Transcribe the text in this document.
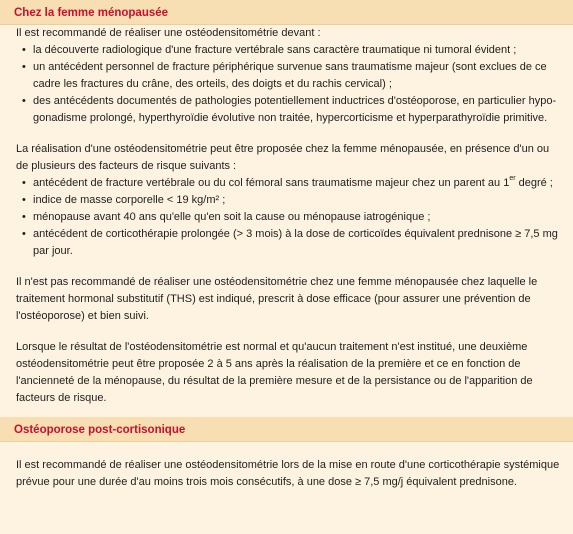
Chez la femme ménopausée

Il est recommandé de réaliser une ostéodensitométrie devant :

• la découverte radiologique d'une fracture vertébrale sans caractère traumatique ni tumoral évident ;
• un antécédent personnel de fracture périphérique survenue sans traumatisme majeur (sont exclues de ce cadre les fractures du crâne, des orteils, des doigts et du rachis cervical) ;
• des antécédents documentés de pathologies potentiellement inductrices d'ostéoporose, en particulier hypo-gonadisme prolongé, hyperthyroïdie évolutive non traitée, hypercorticisme et hyperparathyroïdie primitive.

La réalisation d'une ostéodensitométrie peut être proposée chez la femme ménopausée, en présence d'un ou de plusieurs des facteurs de risque suivants :

• antécédent de fracture vertébrale ou du col fémoral sans traumatisme majeur chez un parent au 1er degré ;
• indice de masse corporelle < 19 kg/m² ;
• ménopause avant 40 ans qu'elle qu'en soit la cause ou ménopause iatrogénique ;
• antécédent de corticothérapie prolongée (> 3 mois) à la dose de corticoïdes équivalent prednisone ≥ 7,5 mg par jour.

Il n'est pas recommandé de réaliser une ostéodensitométrie chez une femme ménopausée chez laquelle le traitement hormonal substitutif (THS) est indiqué, prescrit à dose efficace (pour assurer une prévention de l'ostéoporose) et bien suivi.

Lorsque le résultat de l'ostéodensitométrie est normal et qu'aucun traitement n'est institué, une deuxième ostéodensitométrie peut être proposée 2 à 5 ans après la réalisation de la première et ce en fonction de l'ancienneté de la ménopause, du résultat de la première mesure et de la persistance ou de l'apparition de facteurs de risque.

Ostéoporose post-cortisonique

Il est recommandé de réaliser une ostéodensitométrie lors de la mise en route d'une corticothérapie systémique prévue pour une durée d'au moins trois mois consécutifs, à une dose ≥ 7,5 mg/j équivalent prednisone.
